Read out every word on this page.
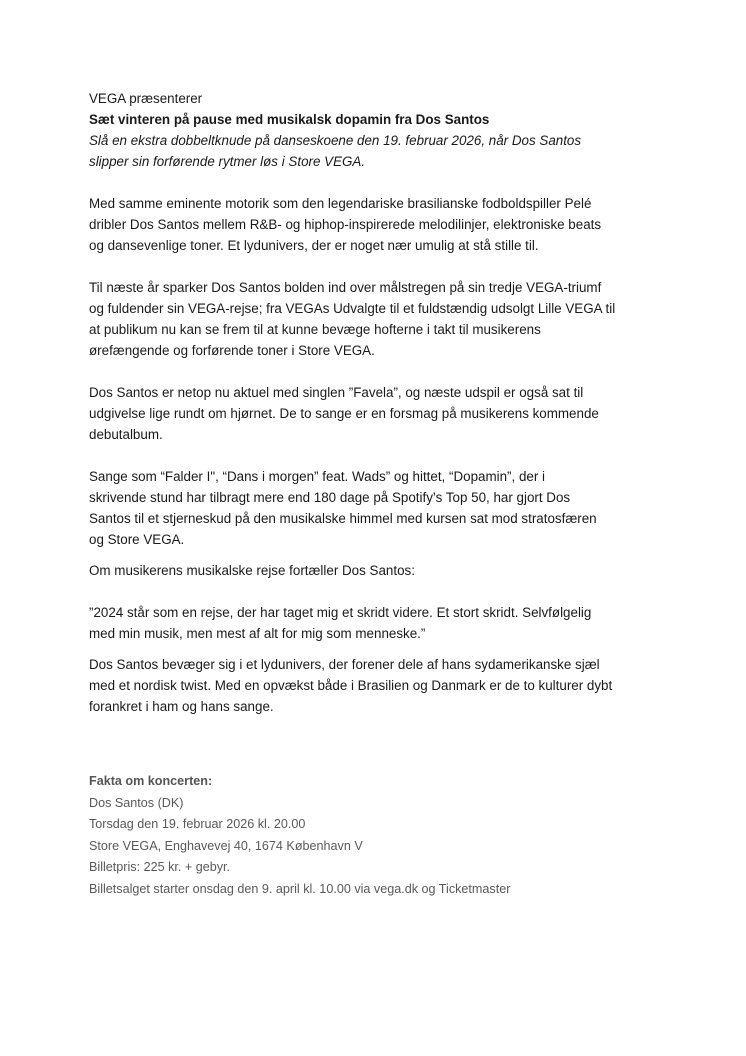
VEGA præsenterer
Sæt vinteren på pause med musikalsk dopamin fra Dos Santos
Slå en ekstra dobbeltknude på danseskoene den 19. februar 2026, når Dos Santos
slipper sin forførende rytmer løs i Store VEGA.
Med samme eminente motorik som den legendariske brasilianske fodboldspiller Pelé
dribler Dos Santos mellem R&B- og hiphop-inspirerede melodilinjer, elektroniske beats
og dansevenlige toner. Et lydunivers, der er noget nær umulig at stå stille til.
Til næste år sparker Dos Santos bolden ind over målstregen på sin tredje VEGA-triumf
og fuldender sin VEGA-rejse; fra VEGAs Udvalgte til et fuldstændig udsolgt Lille VEGA til
at publikum nu kan se frem til at kunne bevæge hofterne i takt til musikerens
ørefængende og forførende toner i Store VEGA.
Dos Santos er netop nu aktuel med singlen ”Favela”, og næste udspil er også sat til
udgivelse lige rundt om hjørnet. De to sange er en forsmag på musikerens kommende
debutalbum.
Sange som “Falder I", “Dans i morgen” feat. Wads” og hittet, “Dopamin”, der i
skrivende stund har tilbragt mere end 180 dage på Spotify’s Top 50, har gjort Dos
Santos til et stjerneskud på den musikalske himmel med kursen sat mod stratosfæren
og Store VEGA.
Om musikerens musikalske rejse fortæller Dos Santos:
”2024 står som en rejse, der har taget mig et skridt videre. Et stort skridt. Selvfølgelig
med min musik, men mest af alt for mig som menneske.”
Dos Santos bevæger sig i et lydunivers, der forener dele af hans sydamerikanske sjæl
med et nordisk twist. Med en opvækst både i Brasilien og Danmark er de to kulturer dybt
forankret i ham og hans sange.
Fakta om koncerten:
Dos Santos (DK)
Torsdag den 19. februar 2026 kl. 20.00
Store VEGA, Enghavevej 40, 1674 København V
Billetpris: 225 kr. + gebyr.
Billetsalget starter onsdag den 9. april kl. 10.00 via vega.dk og Ticketmaster
